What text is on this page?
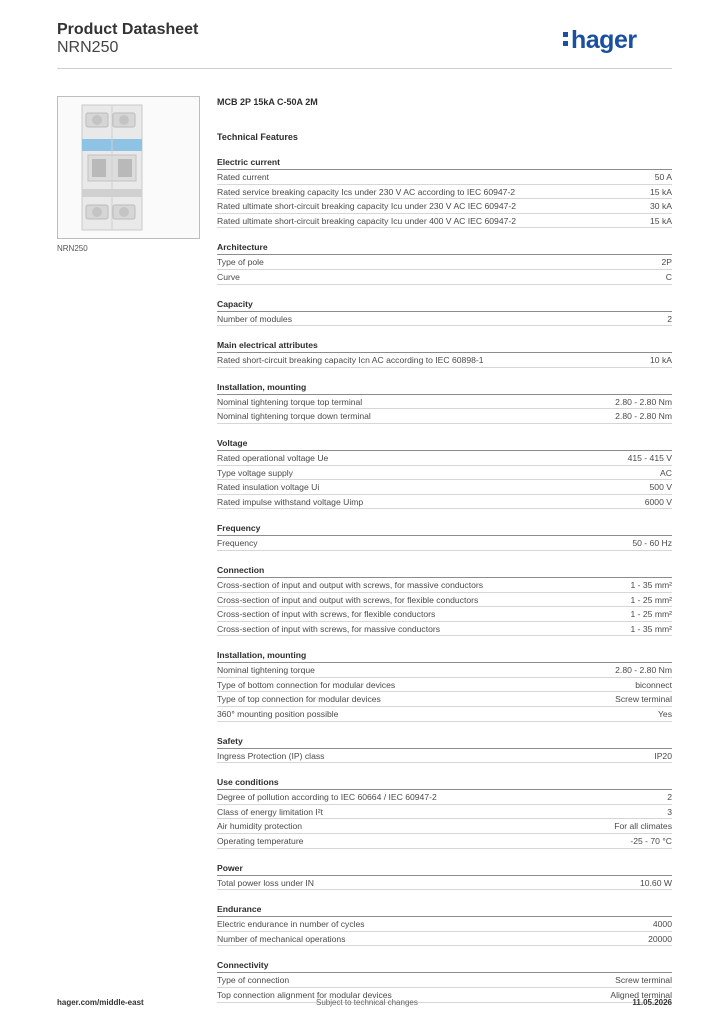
Product Datasheet
NRN250	hager
NRN250
MCB 2P 15kA C-50A 2M
Technical Features
Electric current
Rated current	50 A
Rated service breaking capacity Ics under 230 V AC according to IEC 60947-2	15 kA
Rated ultimate short-circuit breaking capacity Icu under 230 V AC IEC 60947-2	30 kA
Rated ultimate short-circuit breaking capacity Icu under 400 V AC IEC 60947-2	15 kA
Architecture
Type of pole	2P
Curve	C
Capacity
Number of modules	2
Main electrical attributes
Rated short-circuit breaking capacity Icn AC according to IEC 60898-1	10 kA
Installation, mounting
Nominal tightening torque top terminal	2.80 - 2.80 Nm
Nominal tightening torque down terminal	2.80 - 2.80 Nm
Voltage
Rated operational voltage Ue	415 - 415 V
Type voltage supply	AC
Rated insulation voltage Ui	500 V
Rated impulse withstand voltage Uimp	6000 V
Frequency
Frequency	50 - 60 Hz
Connection
Cross-section of input and output with screws, for massive conductors	1 - 35 mm²
Cross-section of input and output with screws, for flexible conductors	1 - 25 mm²
Cross-section of input with screws, for flexible conductors	1 - 25 mm²
Cross-section of input with screws, for massive conductors	1 - 35 mm²
Installation, mounting
Nominal tightening torque	2.80 - 2.80 Nm
Type of bottom connection for modular devices	biconnect
Type of top connection for modular devices	Screw terminal
360° mounting position possible	Yes
Safety
Ingress Protection (IP) class	IP20
Use conditions
Degree of pollution according to IEC 60664 / IEC 60947-2	2
Class of energy limitation I²t	3
Air humidity protection	For all climates
Operating temperature	-25 - 70 °C
Power
Total power loss under IN	10.60 W
Endurance
Electric endurance in number of cycles	4000
Number of mechanical operations	20000
Connectivity
Type of connection	Screw terminal
Top connection alignment for modular devices	Aligned terminal
hager.com/middle-east	Subject to technical changes	11.05.2026
